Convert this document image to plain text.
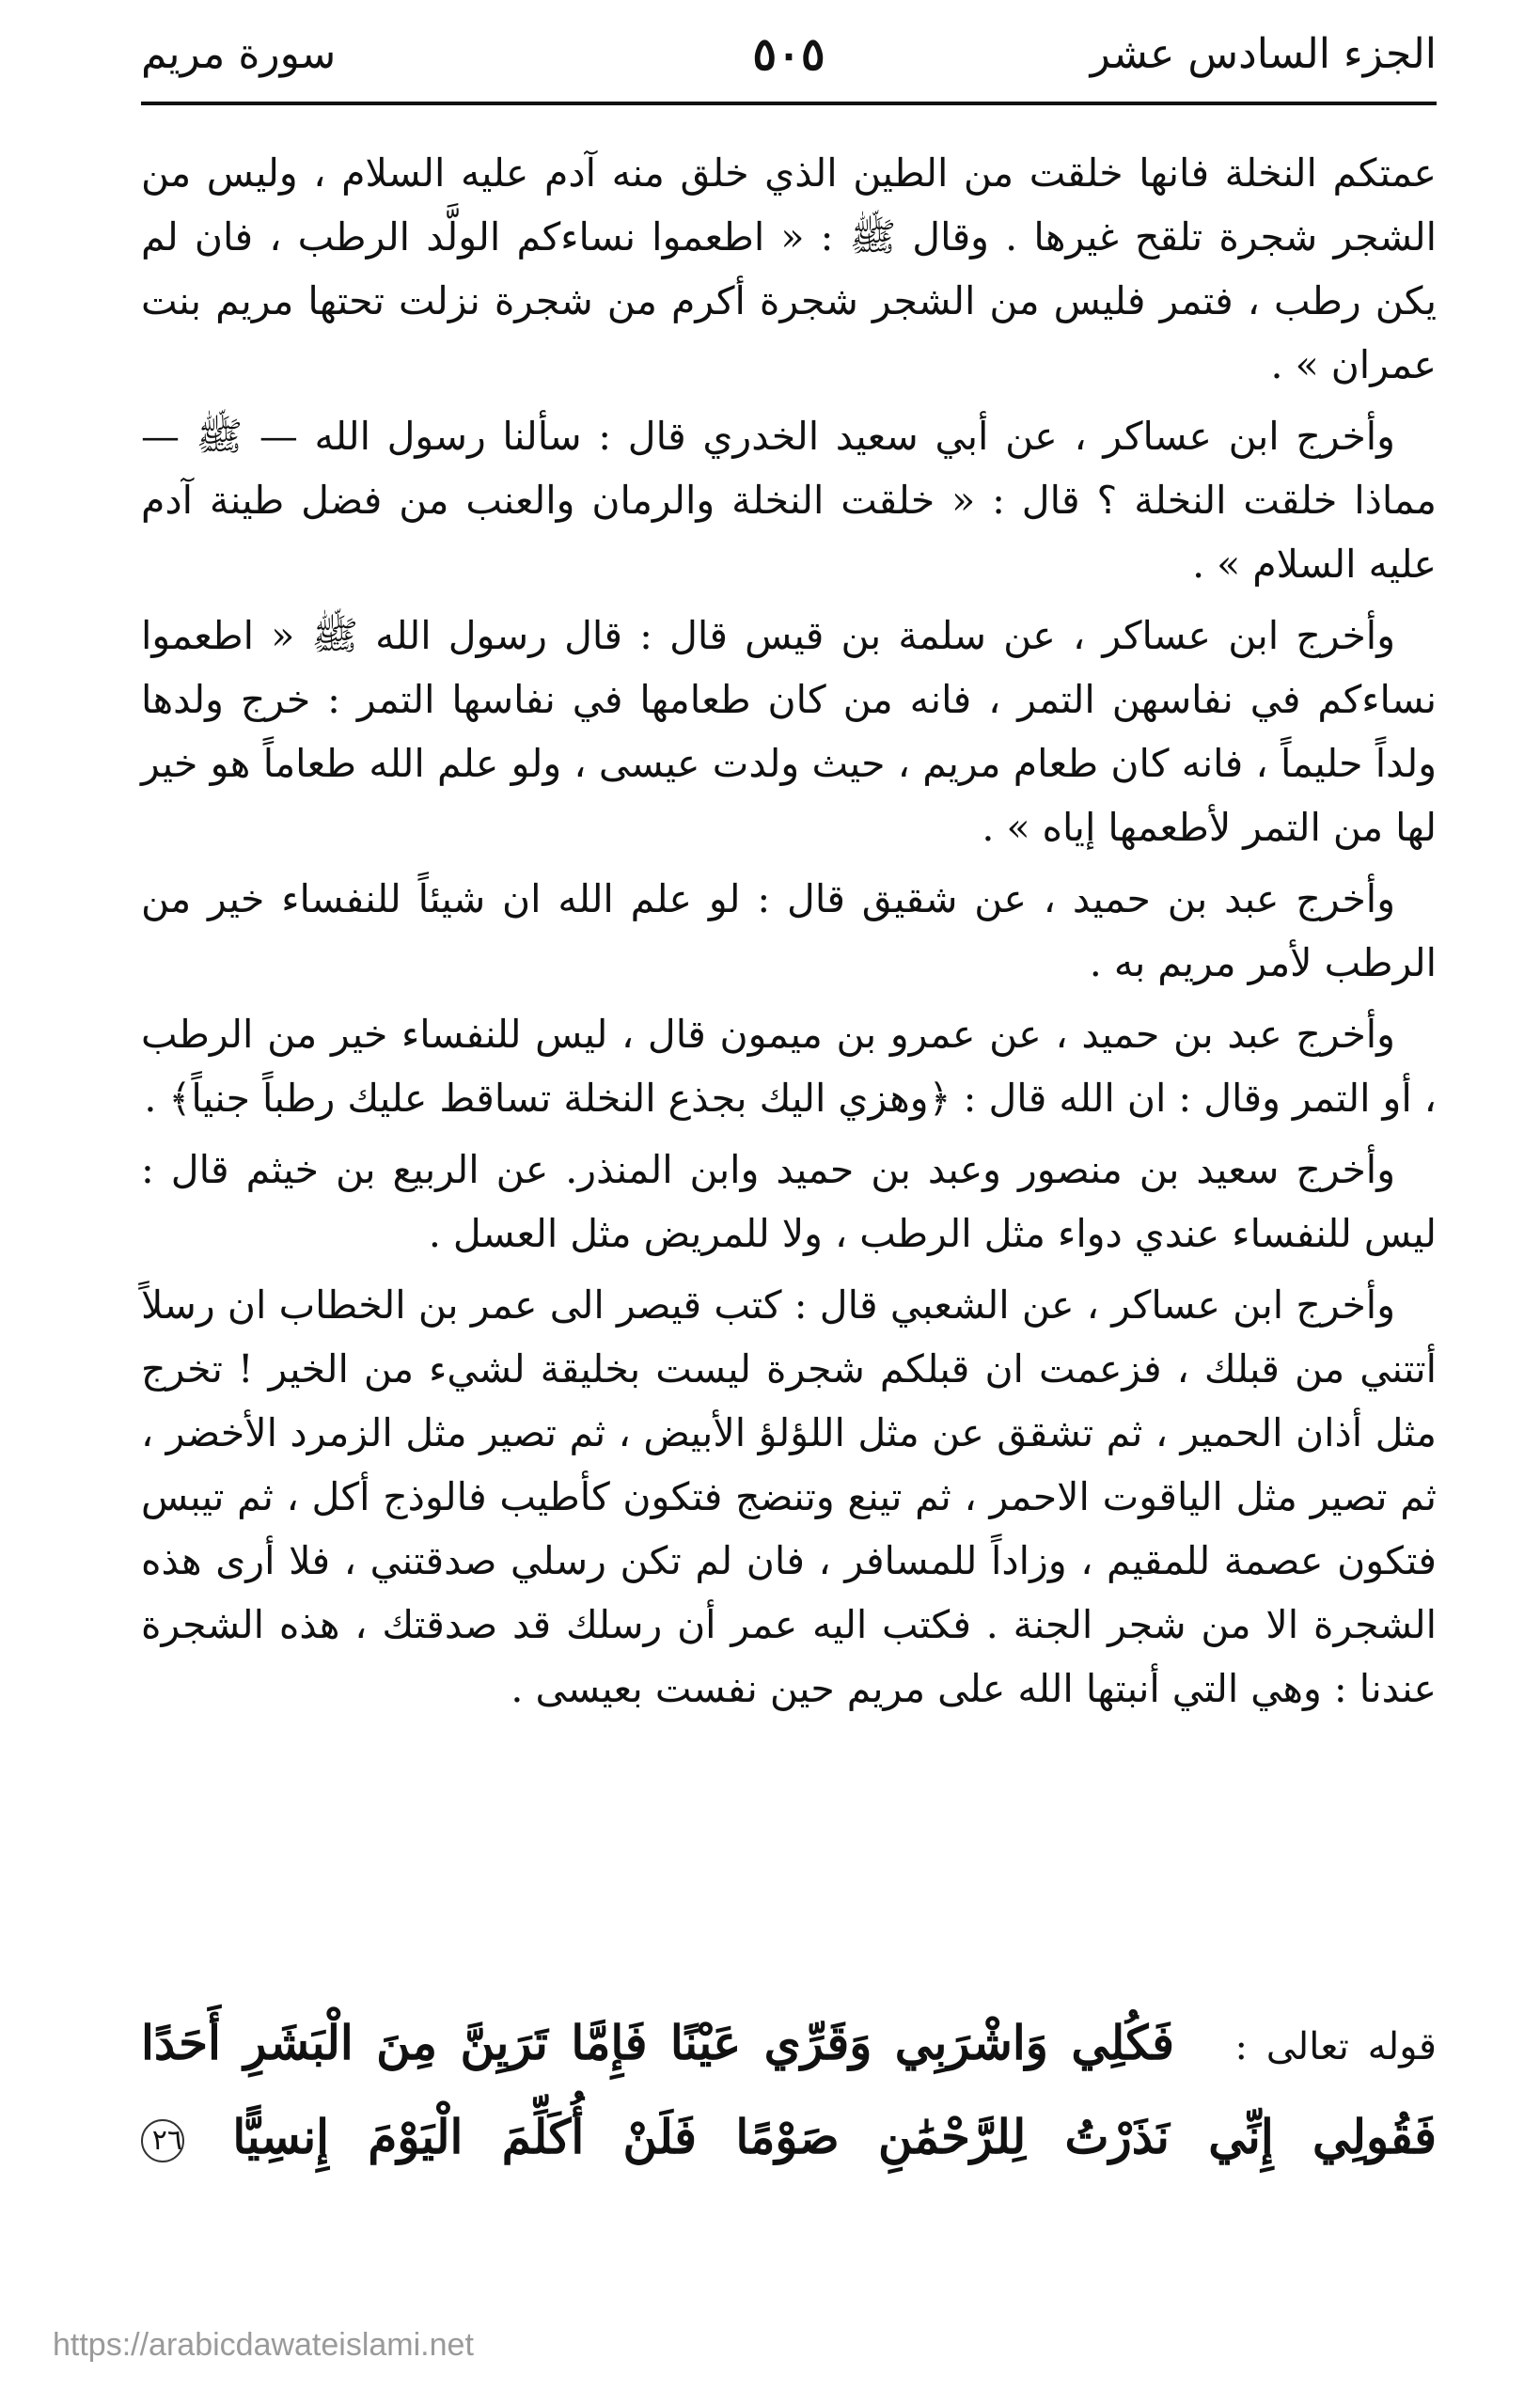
الجزء السادس عشر
٥٠٥
سورة مريم

عمتكم النخلة فانها خلقت من الطين الذي خلق منه آدم عليه السلام ، وليس من الشجر شجرة تلقح غيرها . وقال ﷺ : « اطعموا نساءكم الولَّد الرطب ، فان لم يكن رطب ، فتمر فليس من الشجر شجرة أكرم من شجرة نزلت تحتها مريم بنت عمران » .

وأخرج ابن عساكر ، عن أبي سعيد الخدري قال : سألنا رسول الله — ﷺ — مماذا خلقت النخلة ؟ قال : « خلقت النخلة والرمان والعنب من فضل طينة آدم عليه السلام » .

وأخرج ابن عساكر ، عن سلمة بن قيس قال : قال رسول الله ﷺ « اطعموا نساءكم في نفاسهن التمر ، فانه من كان طعامها في نفاسها التمر : خرج ولدها ولداً حليماً ، فانه كان طعام مريم ، حيث ولدت عيسى ، ولو علم الله طعاماً هو خير لها من التمر لأطعمها إياه » .

وأخرج عبد بن حميد ، عن شقيق قال : لو علم الله ان شيئاً للنفساء خير من الرطب لأمر مريم به .

وأخرج عبد بن حميد ، عن عمرو بن ميمون قال ، ليس للنفساء خير من الرطب ، أو التمر وقال : ان الله قال : ﴿وهزي اليك بجذع النخلة تساقط عليك رطباً جنياً﴾ .

وأخرج سعيد بن منصور وعبد بن حميد وابن المنذر. عن الربيع بن خيثم قال : ليس للنفساء عندي دواء مثل الرطب ، ولا للمريض مثل العسل .

وأخرج ابن عساكر ، عن الشعبي قال : كتب قيصر الى عمر بن الخطاب ان رسلاً أتتني من قبلك ، فزعمت ان قبلكم شجرة ليست بخليقة لشيء من الخير ! تخرج مثل أذان الحمير ، ثم تشقق عن مثل اللؤلؤ الأبيض ، ثم تصير مثل الزمرد الأخضر ، ثم تصير مثل الياقوت الاحمر ، ثم تينع وتنضج فتكون كأطيب فالوذج أكل ، ثم تيبس فتكون عصمة للمقيم ، وزاداً للمسافر ، فان لم تكن رسلي صدقتني ، فلا أرى هذه الشجرة الا من شجر الجنة . فكتب اليه عمر أن رسلك قد صدقتك ، هذه الشجرة عندنا : وهي التي أنبتها الله على مريم حين نفست بعيسى .

قوله تعالى : فَكُلِي وَاشْرَبِي وَقَرِّي عَيْنًا فَإِمَّا تَرَيِنَّ مِنَ الْبَشَرِ أَحَدًا
فَقُولِي إِنِّي نَذَرْتُ لِلرَّحْمَٰنِ صَوْمًا فَلَنْ أُكَلِّمَ الْيَوْمَ إِنسِيًّا ٢٦
https://arabicdawateislami.net
